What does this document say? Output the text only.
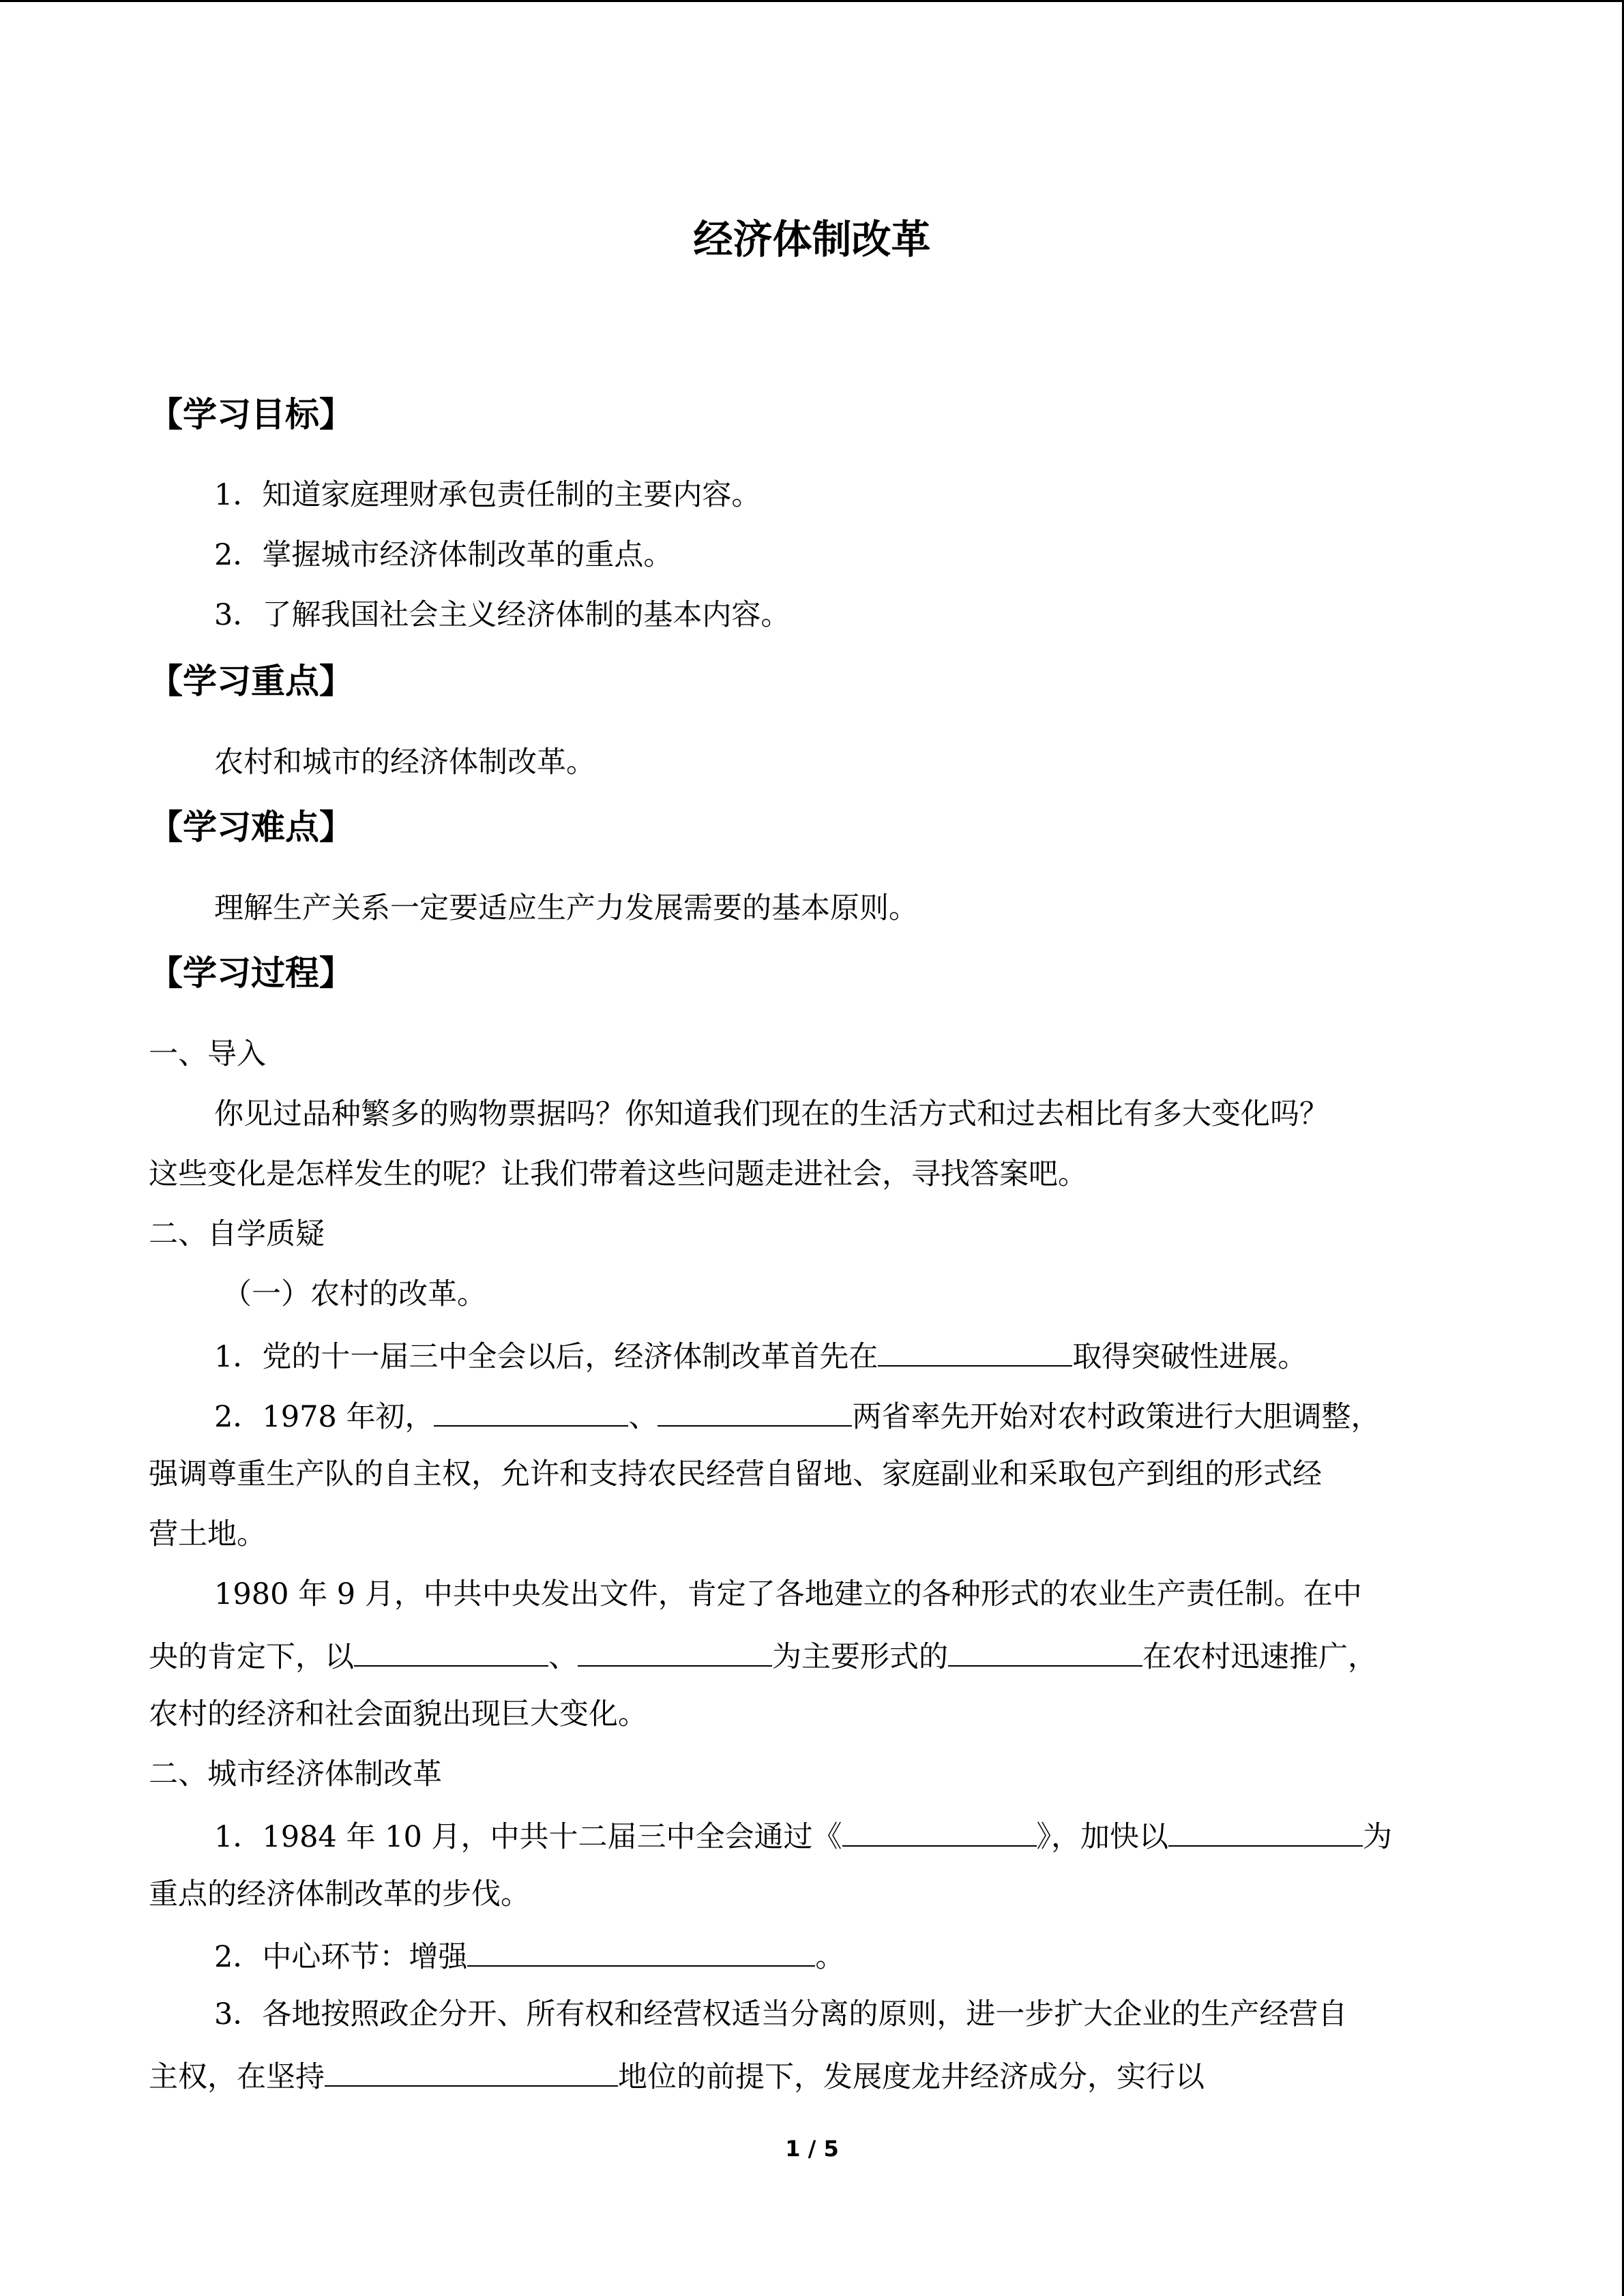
经济体制改革
【学习目标】
1．知道家庭理财承包责任制的主要内容。
2．掌握城市经济体制改革的重点。
3．了解我国社会主义经济体制的基本内容。
【学习重点】
农村和城市的经济体制改革。
【学习难点】
理解生产关系一定要适应生产力发展需要的基本原则。
【学习过程】
一、导入
你见过品种繁多的购物票据吗？你知道我们现在的生活方式和过去相比有多大变化吗？
这些变化是怎样发生的呢？让我们带着这些问题走进社会，寻找答案吧。
二、自学质疑
（一）农村的改革。
1．党的十一届三中全会以后，经济体制改革首先在	取得突破性进展。
2．1978 年初，	、	两省率先开始对农村政策进行大胆调整，
强调尊重生产队的自主权，允许和支持农民经营自留地、家庭副业和采取包产到组的形式经
营土地。
1980 年 9 月，中共中央发出文件，肯定了各地建立的各种形式的农业生产责任制。在中
央的肯定下，以	、	为主要形式的	在农村迅速推广，
农村的经济和社会面貌出现巨大变化。
二、城市经济体制改革
1．1984 年 10 月，中共十二届三中全会通过《	》，加快以	为
重点的经济体制改革的步伐。
2．中心环节：增强	。
3．各地按照政企分开、所有权和经营权适当分离的原则，进一步扩大企业的生产经营自
主权，在坚持	地位的前提下，发展度龙井经济成分，实行以
1 / 5
